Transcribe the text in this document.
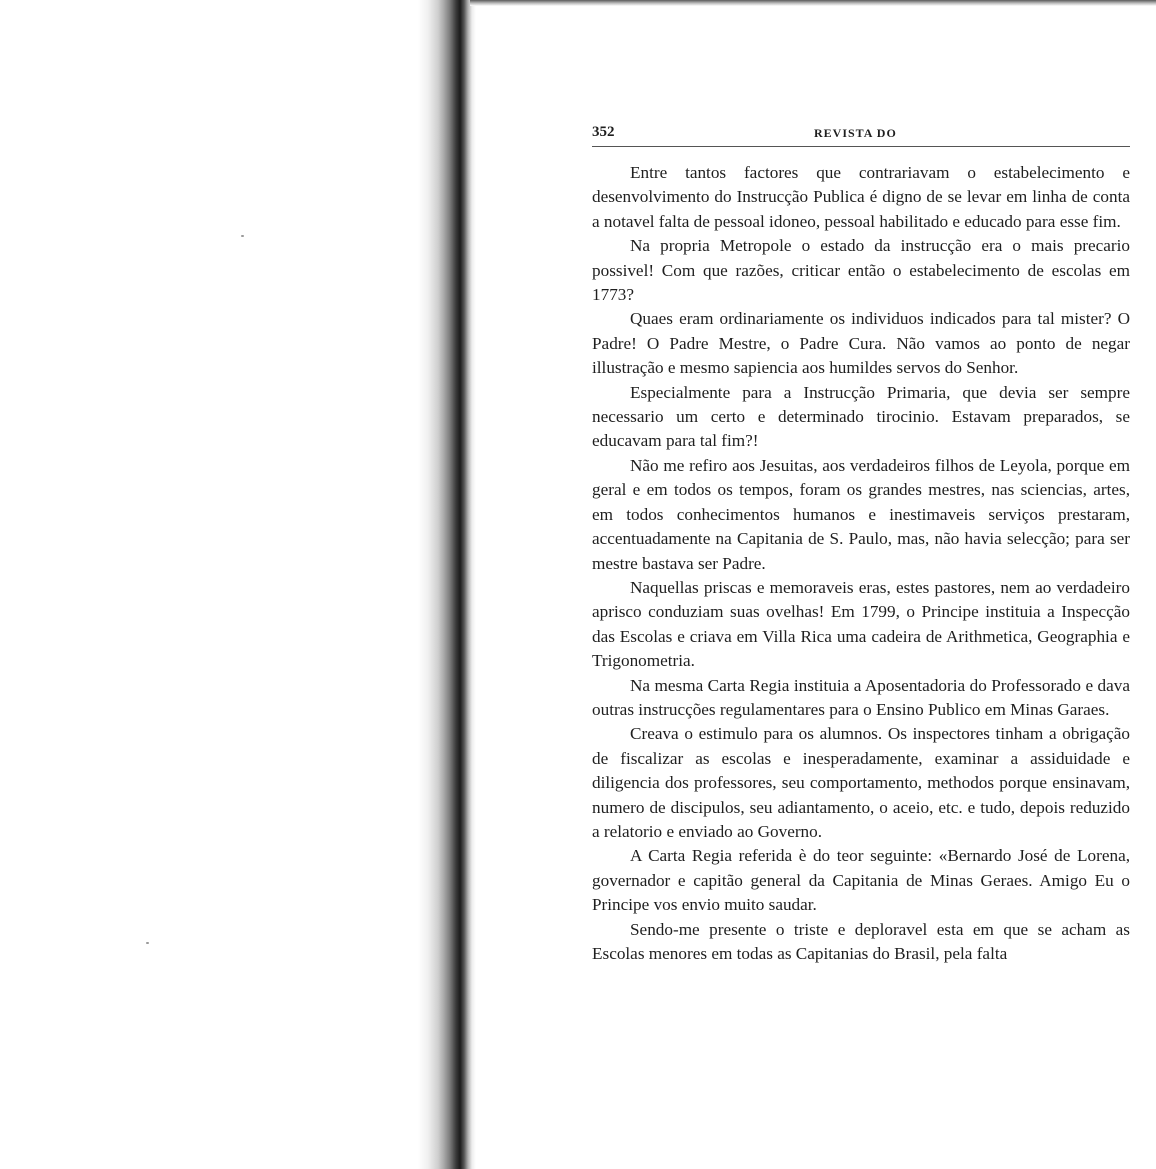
352	REVISTA DO

Entre tantos factores que contrariavam o estabelecimento e desenvolvimento do Instrucção Publica é digno de se levar em linha de conta a notavel falta de pessoal idoneo, pessoal habilitado e educado para esse fim.

Na propria Metropole o estado da instrucção era o mais precario possivel! Com que razões, criticar então o estabelecimento de escolas em 1773?

Quaes eram ordinariamente os individuos indicados para tal mister? O Padre! O Padre Mestre, o Padre Cura. Não vamos ao ponto de negar illustração e mesmo sapiencia aos humildes servos do Senhor.

Especialmente para a Instrucção Primaria, que devia ser sempre necessario um certo e determinado tirocinio. Estavam preparados, se educavam para tal fim?!

Não me refiro aos Jesuitas, aos verdadeiros filhos de Leyola, porque em geral e em todos os tempos, foram os grandes mestres, nas sciencias, artes, em todos conhecimentos humanos e inestimaveis serviços prestaram, accentuadamente na Capitania de S. Paulo, mas, não havia selecção; para ser mestre bastava ser Padre.

Naquellas priscas e memoraveis eras, estes pastores, nem ao verdadeiro aprisco conduziam suas ovelhas! Em 1799, o Principe instituia a Inspecção das Escolas e criava em Villa Rica uma cadeira de Arithmetica, Geographia e Trigonometria.

Na mesma Carta Regia instituia a Aposentadoria do Professorado e dava outras instrucções regulamentares para o Ensino Publico em Minas Garaes.

Creava o estimulo para os alumnos. Os inspectores tinham a obrigação de fiscalizar as escolas e inesperadamente, examinar a assiduidade e diligencia dos professores, seu comportamento, methodos porque ensinavam, numero de discipulos, seu adiantamento, o aceio, etc. e tudo, depois reduzido a relatorio e enviado ao Governo.

A Carta Regia referida è do teor seguinte: «Bernardo José de Lorena, governador e capitão general da Capitania de Minas Geraes. Amigo Eu o Principe vos envio muito saudar.

Sendo-me presente o triste e deploravel esta em que se acham as Escolas menores em todas as Capitanias do Brasil, pela falta
